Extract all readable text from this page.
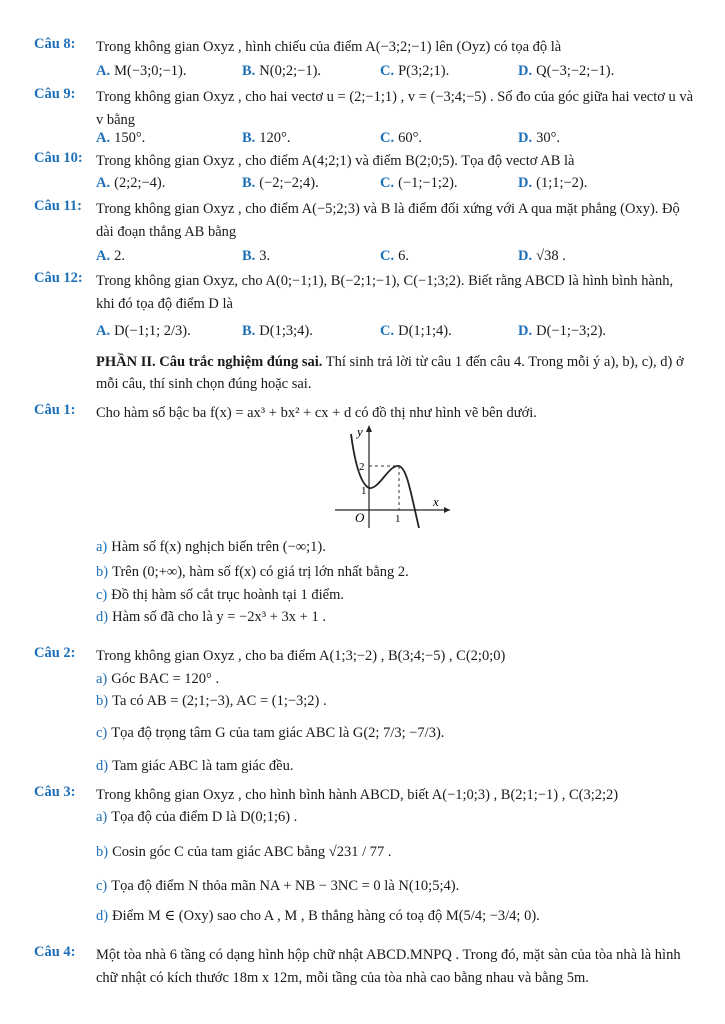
Câu 8: Trong không gian Oxyz , hình chiếu của điểm A(−3;2;−1) lên (Oyz) có tọa độ là
A. M(−3;0;−1).	B. N(0;2;−1).	C. P(3;2;1).	D. Q(−3;−2;−1).
Câu 9: Trong không gian Oxyz , cho hai vectơ u = (2;−1;1) , v = (−3;4;−5) . Số đo của góc giữa hai vectơ u và v bằng
A. 150°.	B. 120°.	C. 60°.	D. 30°.
Câu 10: Trong không gian Oxyz , cho điểm A(4;2;1) và điểm B(2;0;5). Tọa độ vectơ AB là
A. (2;2;−4).	B. (−2;−2;4).	C. (−1;−1;2).	D. (1;1;−2).
Câu 11: Trong không gian Oxyz , cho điểm A(−5;2;3) và B là điểm đối xứng với A qua mặt phẳng (Oxy). Độ dài đoạn thẳng AB bằng
A. 2.	B. 3.	C. 6.	D. √38 .
Câu 12: Trong không gian Oxyz, cho A(0;−1;1), B(−2;1;−1), C(−1;3;2). Biết rằng ABCD là hình bình hành, khi đó tọa độ điểm D là
A. D(−1;1; 2/3).	B. D(1;3;4).	C. D(1;1;4).	D. D(−1;−3;2).
PHẦN II. Câu trắc nghiệm đúng sai. Thí sinh trả lời từ câu 1 đến câu 4. Trong mỗi ý a), b), c), d) ở mỗi câu, thí sinh chọn đúng hoặc sai.
Câu 1: Cho hàm số bậc ba f(x) = ax³ + bx² + cx + d có đồ thị như hình vẽ bên dưới.
y
x
O
2
1
1
a) Hàm số f(x) nghịch biến trên (−∞;1).
b) Trên (0;+∞), hàm số f(x) có giá trị lớn nhất bằng 2.
c) Đồ thị hàm số cắt trục hoành tại 1 điểm.
d) Hàm số đã cho là y = −2x³ + 3x + 1 .
Câu 2: Trong không gian Oxyz , cho ba điểm A(1;3;−2) , B(3;4;−5) , C(2;0;0)
a) Góc BAC = 120° .
b) Ta có AB = (2;1;−3), AC = (1;−3;2) .
c) Tọa độ trọng tâm G của tam giác ABC là G(2; 7/3; −7/3).
d) Tam giác ABC là tam giác đều.
Câu 3: Trong không gian Oxyz , cho hình bình hành ABCD, biết A(−1;0;3) , B(2;1;−1) , C(3;2;2)
a) Tọa độ của điểm D là D(0;1;6) .
b) Cosin góc C của tam giác ABC bằng √231 / 77 .
c) Tọa độ điểm N thỏa mãn NA + NB − 3NC = 0 là N(10;5;4).
d) Điểm M ∈ (Oxy) sao cho A , M , B thẳng hàng có toạ độ M(5/4; −3/4; 0).
Câu 4: Một tòa nhà 6 tầng có dạng hình hộp chữ nhật ABCD.MNPQ . Trong đó, mặt sàn của tòa nhà là hình chữ nhật có kích thước 18m x 12m, mỗi tầng của tòa nhà cao bằng nhau và bằng 5m.
